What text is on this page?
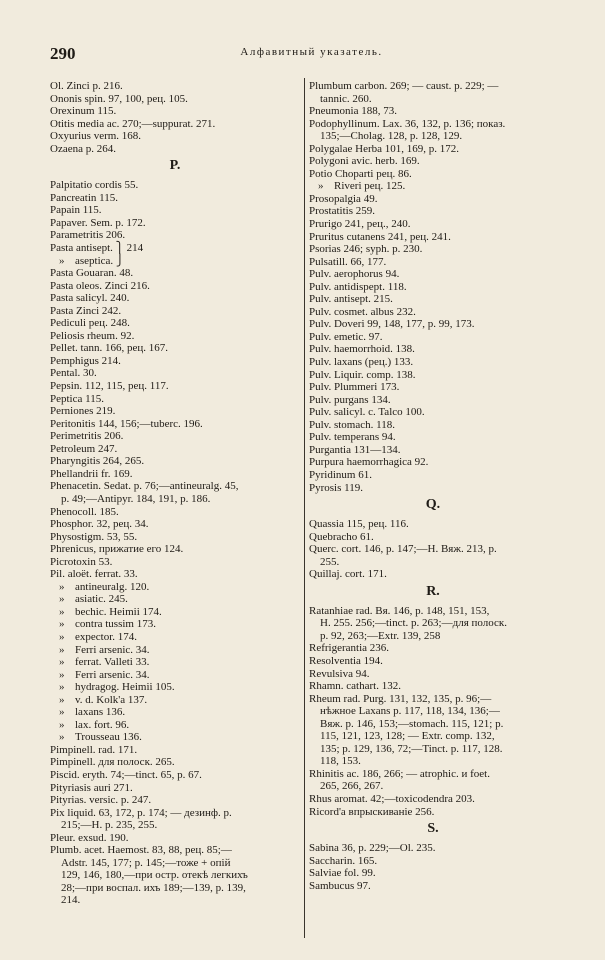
290	Алфавитный указатель.
Ol. Zinci p. 216.
Ononis spin. 97, 100, рец. 105.
Orexinum 115.
Otitis media ac. 270;—suppurat. 271.
Oxyurius verm. 168.
Ozaena p. 264.
P.
Palpitatio cordis 55.
Pancreatin 115.
Papain 115.
Papaver. Sem. p. 172.
Parametritis 206.
Pasta antisept. ⎫ 214
» aseptica. ⎭
Pasta Gouaran. 48.
Pasta oleos. Zinci 216.
Pasta salicyl. 240.
Pasta Zinci 242.
Pediculi рец. 248.
Peliosis rheum. 92.
Pellet. tann. 166, рец. 167.
Pemphigus 214.
Pental. 30.
Pepsin. 112, 115, рец. 117.
Peptica 115.
Perniones 219.
Peritonitis 144, 156;—tuberc. 196.
Perimetritis 206.
Petroleum 247.
Pharyngitis 264, 265.
Phellandrii fr. 169.
Phenacetin. Sedat. p. 76;—antineuralg. 45,
p. 49;—Antipyr. 184, 191, p. 186.
Phenocoll. 185.
Phosphor. 32, рец. 34.
Physostigm. 53, 55.
Phrenicus, прижатие его 124.
Picrotoxin 53.
Pil. aloët. ferrat. 33.
» antineuralg. 120.
» asiatic. 245.
» bechic. Heimii 174.
» contra tussim 173.
» expector. 174.
» Ferri arsenic. 34.
» ferrat. Valleti 33.
» Ferri arsenic. 34.
» hydragog. Heimii 105.
» v. d. Kolk'a 137.
» laxans 136.
» lax. fort. 96.
» Trousseau 136.
Pimpinell. rad. 171.
Pimpinell. для полоск. 265.
Piscid. eryth. 74;—tinct. 65, p. 67.
Pityriasis auri 271.
Pityrias. versic. p. 247.
Pix liquid. 63, 172, p. 174; — дезинф. p.
215;—H. p. 235, 255.
Pleur. exsud. 190.
Plumb. acet. Haemost. 83, 88, рец. 85;—
Adstr. 145, 177; p. 145;—тоже + опій
129, 146, 180,—при остр. отекѣ легкихъ
28;—при воспал. ихъ 189;—139, p. 139,
214.
Plumbum carbon. 269; — caust. p. 229; —
tannic. 260.
Pneumonia 188, 73.
Podophyllinum. Lax. 36, 132, p. 136; показ.
135;—Cholag. 128, p. 128, 129.
Polygalae Herba 101, 169, p. 172.
Polygoni avic. herb. 169.
Potio Choparti рец. 86.
» Riveri рец. 125.
Prosopalgia 49.
Prostatitis 259.
Prurigo 241, рец., 240.
Pruritus cutanens 241, рец. 241.
Psorias 246; syph. p. 230.
Pulsatill. 66, 177.
Pulv. aerophorus 94.
Pulv. antidispept. 118.
Pulv. antisept. 215.
Pulv. cosmet. albus 232.
Pulv. Doveri 99, 148, 177, p. 99, 173.
Pulv. emetic. 97.
Pulv. haemorrhoid. 138.
Pulv. laxans (рец.) 133.
Pulv. Liquir. comp. 138.
Pulv. Plummeri 173.
Pulv. purgans 134.
Pulv. salicyl. c. Talco 100.
Pulv. stomach. 118.
Pulv. temperans 94.
Purgantia 131—134.
Purpura haemorrhagica 92.
Pyridinum 61.
Pyrosis 119.
Q.
Quassia 115, рец. 116.
Quebracho 61.
Querc. cort. 146, p. 147;—H. Вяж. 213, p.
255.
Quillaj. cort. 171.
R.
Ratanhiae rad. Вя. 146, p. 148, 151, 153,
H. 255. 256;—tinct. p. 263;—для полоск.
p. 92, 263;—Extr. 139, 258
Refrigerantia 236.
Resolventia 194.
Revulsiva 94.
Rhamn. cathart. 132.
Rheum rad. Purg. 131, 132, 135, p. 96;—
нѣжное Laxans p. 117, 118, 134, 136;—
Вяж. p. 146, 153;—stomach. 115, 121; p.
115, 121, 123, 128; — Extr. comp. 132,
135; p. 129, 136, 72;—Tinct. p. 117, 128.
118, 153.
Rhinitis ac. 186, 266; — atrophic. и foet.
265, 266, 267.
Rhus aromat. 42;—toxicodendra 203.
Ricord'а впрыскиваніе 256.
S.
Sabina 36, p. 229;—Ol. 235.
Saccharin. 165.
Salviae fol. 99.
Sambucus 97.
